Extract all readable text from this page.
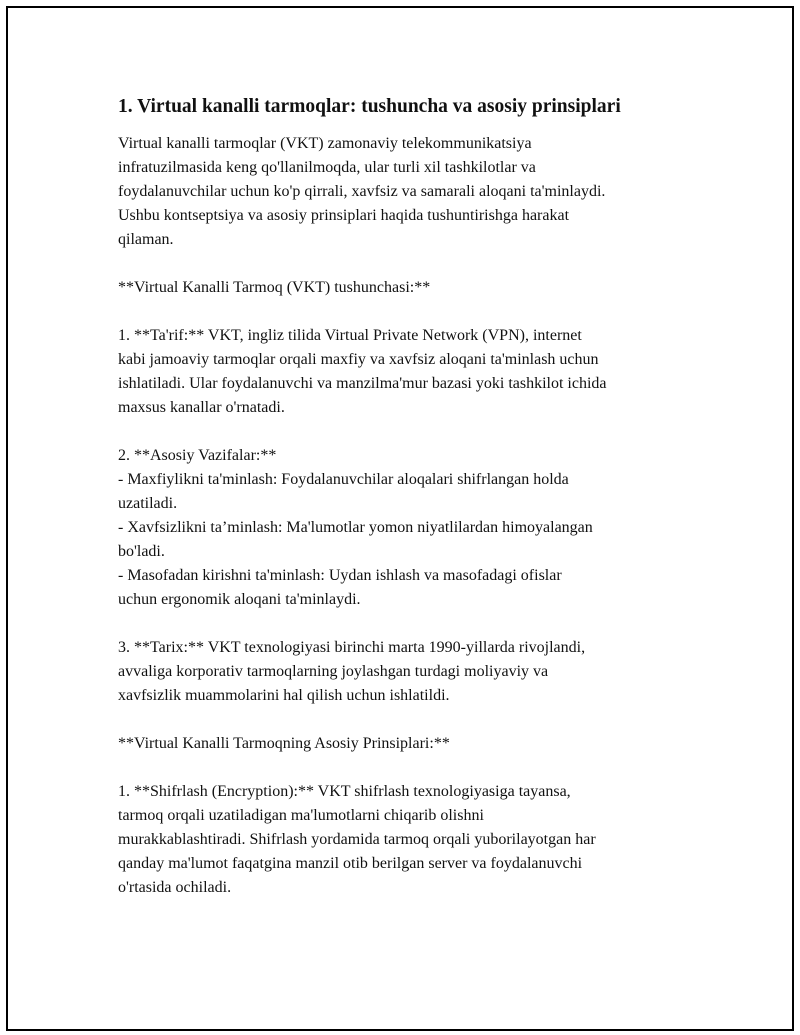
1. Virtual kanalli tarmoqlar: tushuncha va asosiy prinsiplari

Virtual kanalli tarmoqlar (VKT) zamonaviy telekommunikatsiya
infratuzilmasida keng qo'llanilmoqda, ular turli xil tashkilotlar va
foydalanuvchilar uchun ko'p qirrali, xavfsiz va samarali aloqani ta'minlaydi.
Ushbu kontseptsiya va asosiy prinsiplari haqida tushuntirishga harakat
qilaman.

**Virtual Kanalli Tarmoq (VKT) tushunchasi:**

1. **Ta'rif:** VKT, ingliz tilida Virtual Private Network (VPN), internet
kabi jamoaviy tarmoqlar orqali maxfiy va xavfsiz aloqani ta'minlash uchun
ishlatiladi. Ular foydalanuvchi va manzilma'mur bazasi yoki tashkilot ichida
maxsus kanallar o'rnatadi.

2. **Asosiy Vazifalar:**
- Maxfiylikni ta'minlash: Foydalanuvchilar aloqalari shifrlangan holda
uzatiladi.
- Xavfsizlikni ta’minlash: Ma'lumotlar yomon niyatlilardan himoyalangan
bo'ladi.
- Masofadan kirishni ta'minlash: Uydan ishlash va masofadagi ofislar
uchun ergonomik aloqani ta'minlaydi.

3. **Tarix:** VKT texnologiyasi birinchi marta 1990-yillarda rivojlandi,
avvaliga korporativ tarmoqlarning joylashgan turdagi moliyaviy va
xavfsizlik muammolarini hal qilish uchun ishlatildi.

**Virtual Kanalli Tarmoqning Asosiy Prinsiplari:**

1. **Shifrlash (Encryption):** VKT shifrlash texnologiyasiga tayansa,
tarmoq orqali uzatiladigan ma'lumotlarni chiqarib olishni
murakkablashtiradi. Shifrlash yordamida tarmoq orqali yuborilayotgan har
qanday ma'lumot faqatgina manzil otib berilgan server va foydalanuvchi
o'rtasida ochiladi.
